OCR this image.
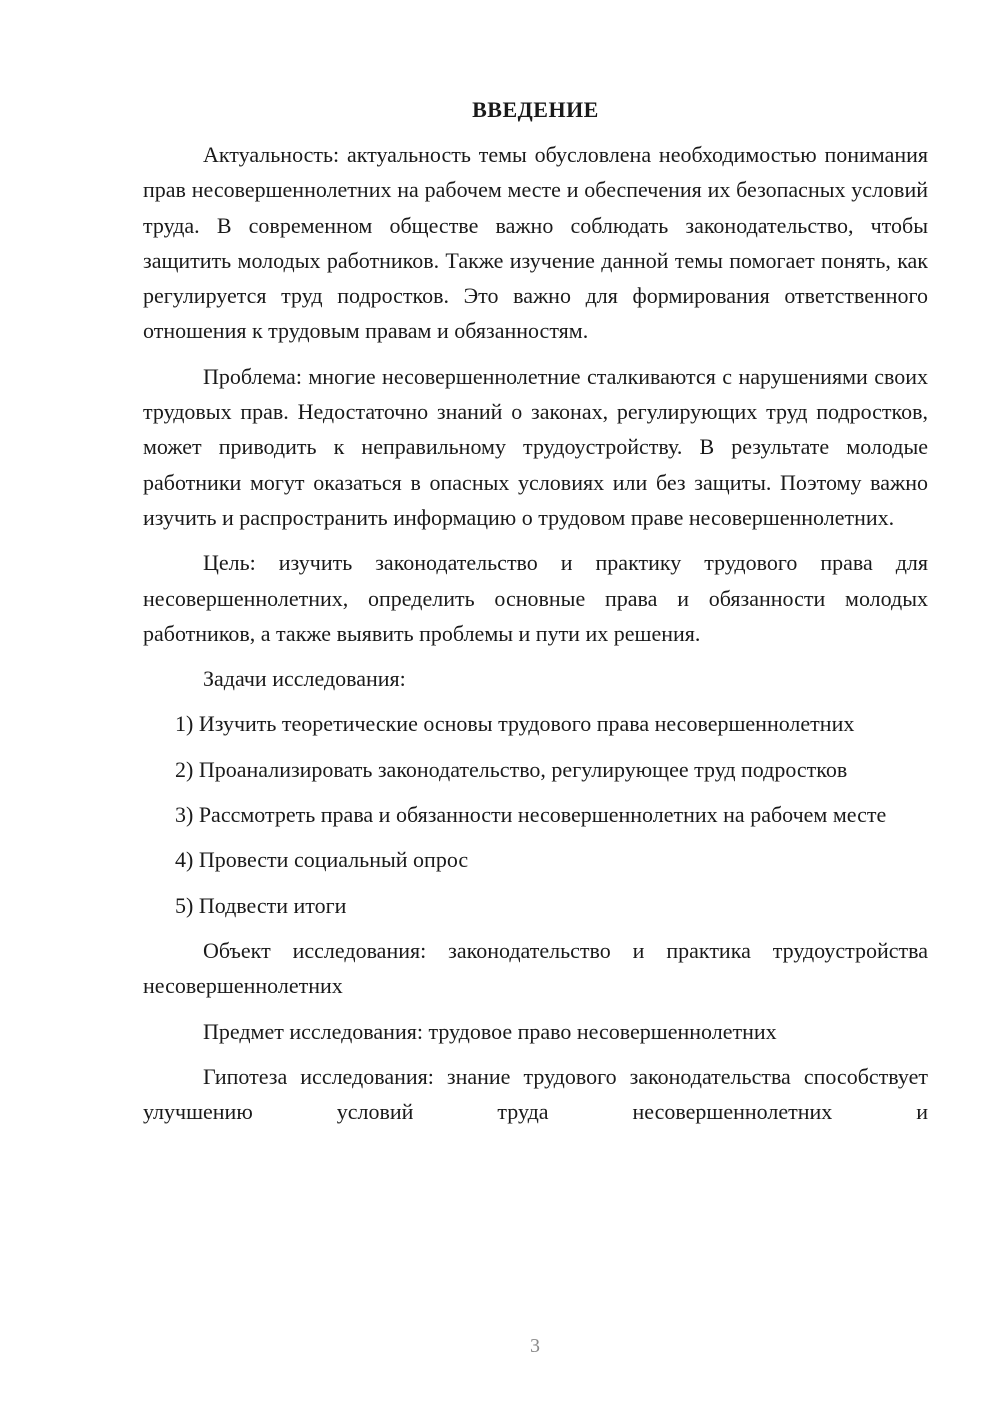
ВВЕДЕНИЕ

Актуальность: актуальность темы обусловлена необходимостью понимания прав несовершеннолетних на рабочем месте и обеспечения их безопасных условий труда. В современном обществе важно соблюдать законодательство, чтобы защитить молодых работников. Также изучение данной темы помогает понять, как регулируется труд подростков. Это важно для формирования ответственного отношения к трудовым правам и обязанностям.

Проблема: многие несовершеннолетние сталкиваются с нарушениями своих трудовых прав. Недостаточно знаний о законах, регулирующих труд подростков, может приводить к неправильному трудоустройству. В результате молодые работники могут оказаться в опасных условиях или без защиты. Поэтому важно изучить и распространить информацию о трудовом праве несовершеннолетних.

Цель: изучить законодательство и практику трудового права для несовершеннолетних, определить основные права и обязанности молодых работников, а также выявить проблемы и пути их решения.

Задачи исследования:

1) Изучить теоретические основы трудового права несовершеннолетних

2) Проанализировать законодательство, регулирующее труд подростков

3) Рассмотреть права и обязанности несовершеннолетних на рабочем месте

4) Провести социальный опрос

5) Подвести итоги

Объект исследования: законодательство и практика трудоустройства несовершеннолетних

Предмет исследования: трудовое право несовершеннолетних

Гипотеза исследования: знание трудового законодательства способствует улучшению условий труда несовершеннолетних и

3
